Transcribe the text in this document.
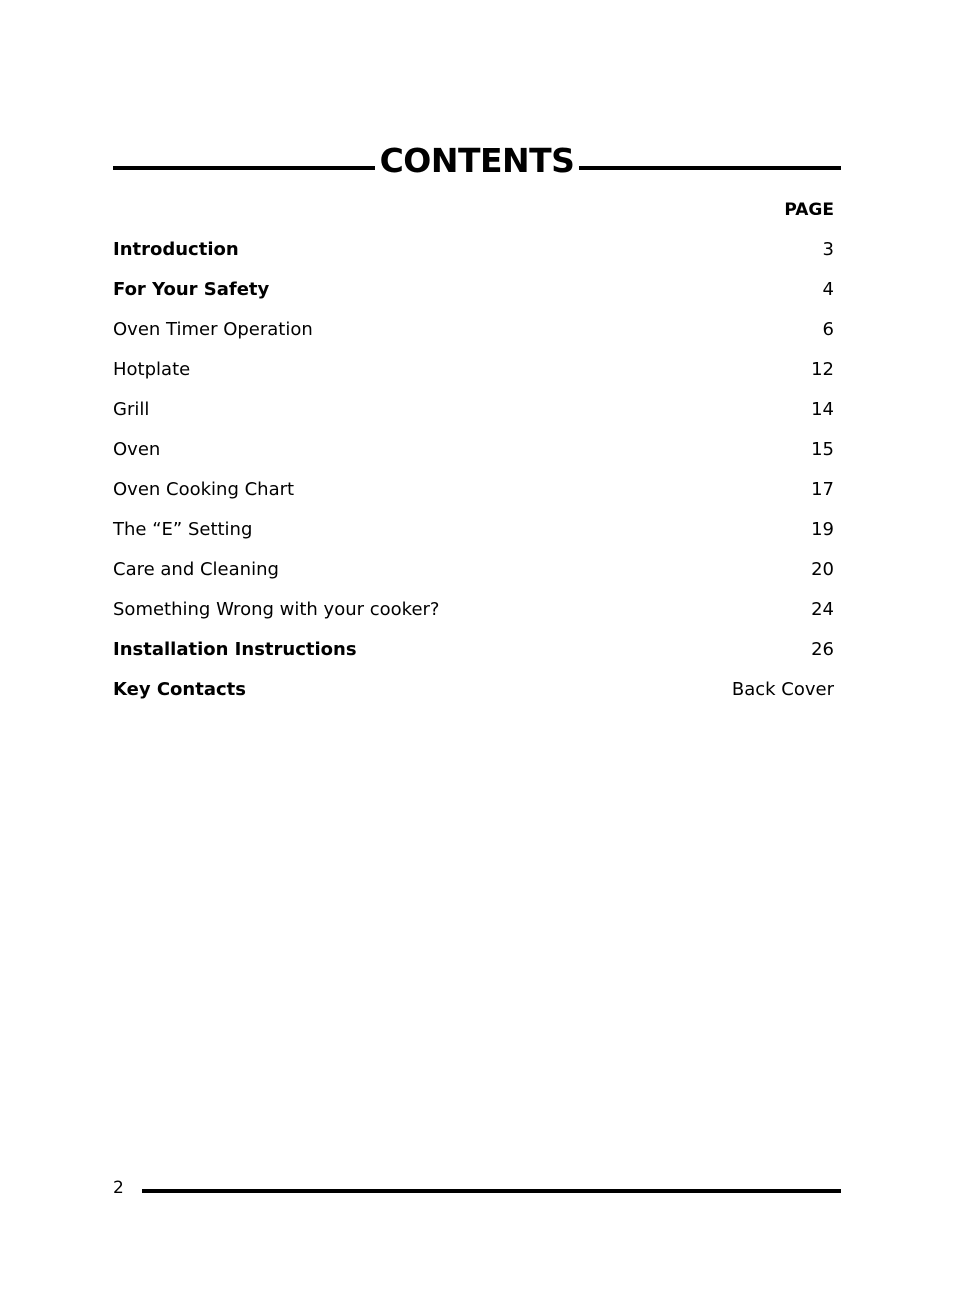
CONTENTS
PAGE
Introduction	3
For Your Safety	4
Oven Timer Operation	6
Hotplate	12
Grill	14
Oven	15
Oven Cooking Chart	17
The “E” Setting	19
Care and Cleaning	20
Something Wrong with your cooker?	24
Installation Instructions	26
Key Contacts	Back Cover
2
